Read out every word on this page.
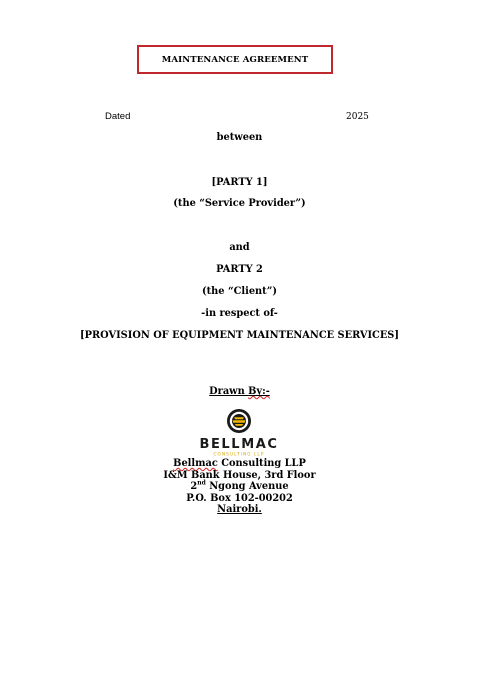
MAINTENANCE AGREEMENT
Dated	2025
between
[PARTY 1]
(the “Service Provider”)
and
PARTY 2
(the “Client”)
-in respect of-
[PROVISION OF EQUIPMENT MAINTENANCE SERVICES]
Drawn By:-
BELLMAC
CONSULTING LLP
Bellmac Consulting LLP
I&M Bank House, 3rd Floor
2nd Ngong Avenue
P.O. Box 102-00202
Nairobi.
